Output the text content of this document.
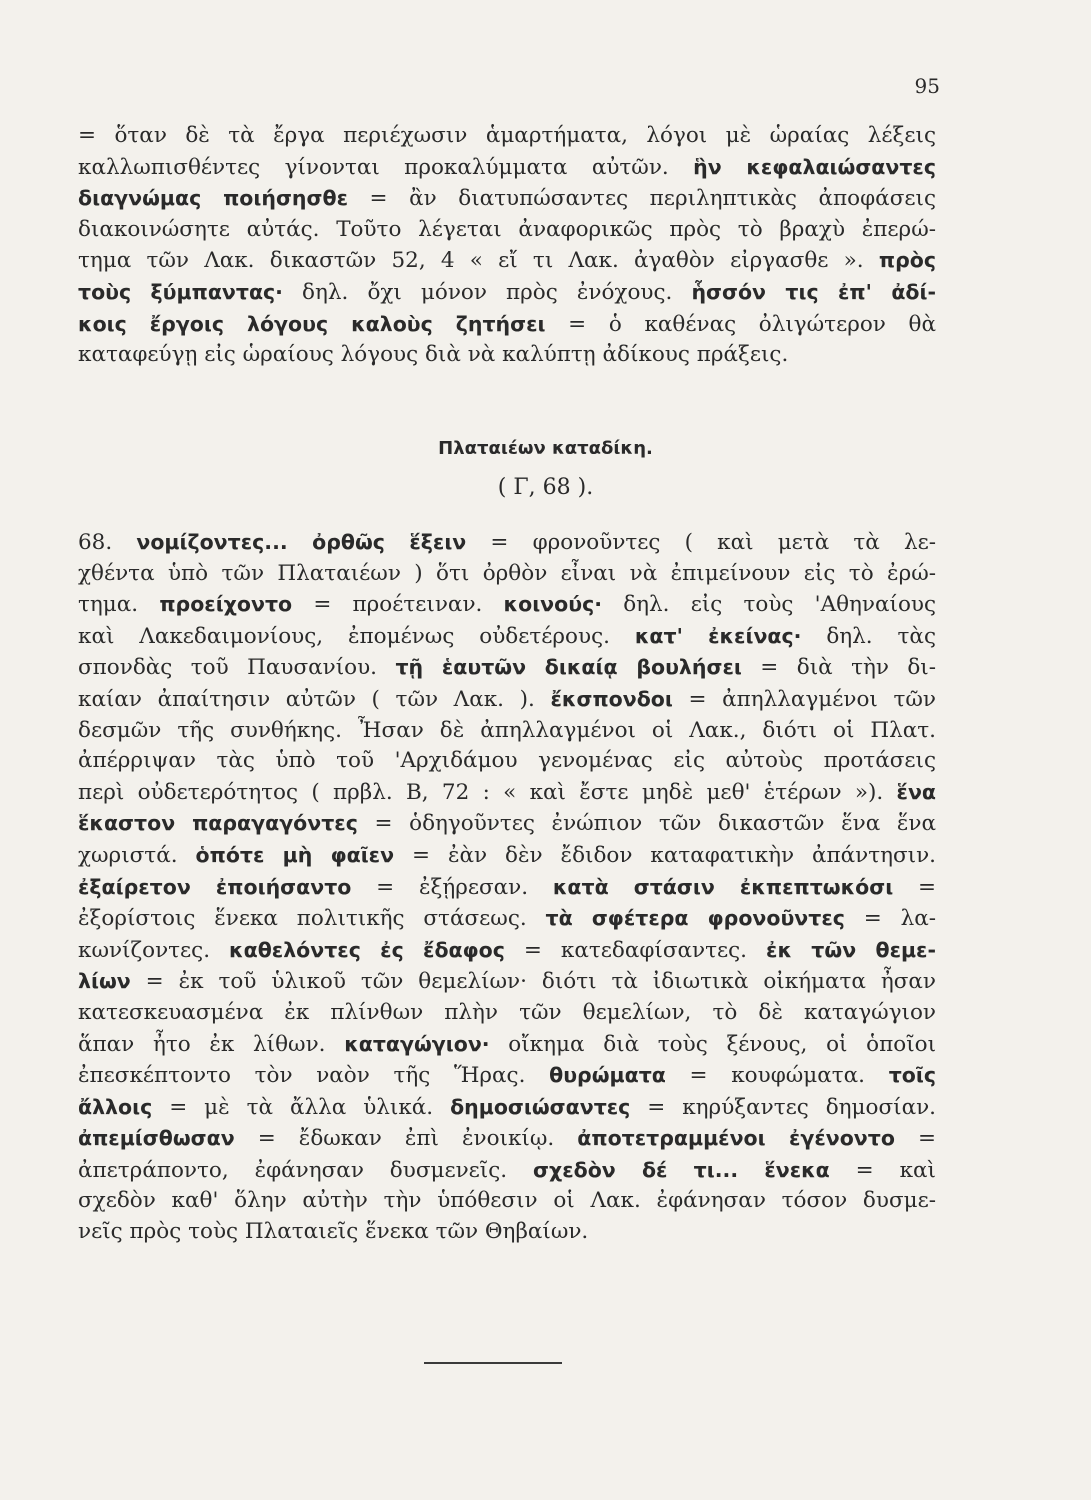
95
= ὅταν δὲ τὰ ἔργα περιέχωσιν ἁμαρτήματα, λόγοι μὲ ὡραίας λέξεις
καλλωπισθέντες γίνονται προκαλύμματα αὐτῶν. ἣν κεφαλαιώσαντες
διαγνώμας ποιήσησθε = ἂν διατυπώσαντες περιληπτικὰς ἀποφάσεις
διακοινώσητε αὐτάς. Τοῦτο λέγεται ἀναφορικῶς πρὸς τὸ βραχὺ ἐπερώ-
τημα τῶν Λακ. δικαστῶν 52, 4 « εἴ τι Λακ. ἀγαθὸν εἰργασθε ». πρὸς
τοὺς ξύμπαντας· δηλ. ὄχι μόνον πρὸς ἐνόχους. ἧσσόν τις ἐπ' ἀδί-
κοις ἔργοις λόγους καλοὺς ζητήσει = ὁ καθένας ὀλιγώτερον θὰ
καταφεύγῃ εἰς ὡραίους λόγους διὰ νὰ καλύπτῃ ἀδίκους πράξεις.
Πλαταιέων καταδίκη.
( Γ, 68 ).
68. νομίζοντες... ὀρθῶς ἕξειν = φρονοῦντες ( καὶ μετὰ τὰ λε-
χθέντα ὑπὸ τῶν Πλαταιέων ) ὅτι ὀρθὸν εἶναι νὰ ἐπιμείνουν εἰς τὸ ἐρώ-
τημα. προείχοντο = προέτειναν. κοινούς· δηλ. εἰς τοὺς 'Αθηναίους
καὶ Λακεδαιμονίους, ἐπομένως οὐδετέρους. κατ' ἐκείνας· δηλ. τὰς
σπονδὰς τοῦ Παυσανίου. τῇ ἑαυτῶν δικαίᾳ βουλήσει = διὰ τὴν δι-
καίαν ἀπαίτησιν αὐτῶν ( τῶν Λακ. ). ἔκσπονδοι = ἀπηλλαγμένοι τῶν
δεσμῶν τῆς συνθήκης. Ἦσαν δὲ ἀπηλλαγμένοι οἱ Λακ., διότι οἱ Πλατ.
ἀπέρριψαν τὰς ὑπὸ τοῦ 'Αρχιδάμου γενομένας εἰς αὐτοὺς προτάσεις
περὶ οὐδετερότητος ( πρβλ. Β, 72 : « καὶ ἔστε μηδὲ μεθ' ἑτέρων »). ἕνα
ἕκαστον παραγαγόντες = ὁδηγοῦντες ἐνώπιον τῶν δικαστῶν ἕνα ἕνα
χωριστά. ὁπότε μὴ φαῖεν = ἐὰν δὲν ἔδιδον καταφατικὴν ἀπάντησιν.
ἐξαίρετον ἐποιήσαντο = ἐξῄρεσαν. κατὰ στάσιν ἐκπεπτωκόσι =
ἐξορίστοις ἕνεκα πολιτικῆς στάσεως. τὰ σφέτερα φρονοῦντες = λα-
κωνίζοντες. καθελόντες ἐς ἔδαφος = κατεδαφίσαντες. ἐκ τῶν θεμε-
λίων = ἐκ τοῦ ὑλικοῦ τῶν θεμελίων· διότι τὰ ἰδιωτικὰ οἰκήματα ἦσαν
κατεσκευασμένα ἐκ πλίνθων πλὴν τῶν θεμελίων, τὸ δὲ καταγώγιον
ἅπαν ἦτο ἐκ λίθων. καταγώγιον· οἴκημα διὰ τοὺς ξένους, οἱ ὁποῖοι
ἐπεσκέπτοντο τὸν ναὸν τῆς Ἥρας. θυρώματα = κουφώματα. τοῖς
ἄλλοις = μὲ τὰ ἄλλα ὑλικά. δημοσιώσαντες = κηρύξαντες δημοσίαν.
ἀπεμίσθωσαν = ἔδωκαν ἐπὶ ἐνοικίῳ. ἀποτετραμμένοι ἐγένοντο =
ἀπετράποντο, ἐφάνησαν δυσμενεῖς. σχεδὸν δέ τι... ἕνεκα = καὶ
σχεδὸν καθ' ὅλην αὐτὴν τὴν ὑπόθεσιν οἱ Λακ. ἐφάνησαν τόσον δυσμε-
νεῖς πρὸς τοὺς Πλαταιεῖς ἕνεκα τῶν Θηβαίων.
